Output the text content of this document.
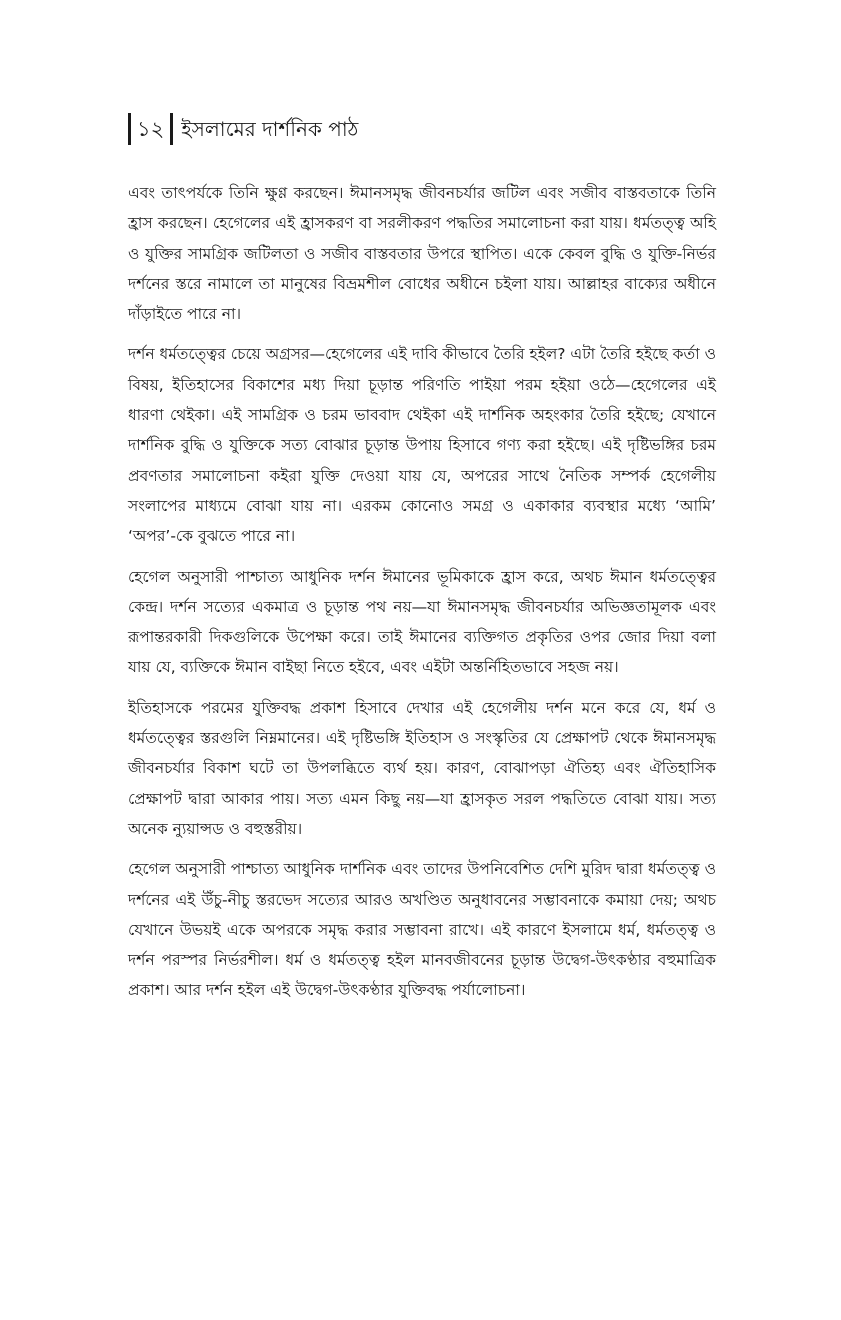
১২ ইসলামের দার্শনিক পাঠ

এবং তাৎপর্যকে তিনি ক্ষুণ্ণ করছেন। ঈমানসমৃদ্ধ জীবনচর্যার জটিল এবং সজীব বাস্তবতাকে তিনি হ্রাস করছেন। হেগেলের এই হ্রাসকরণ বা সরলীকরণ পদ্ধতির সমালোচনা করা যায়। ধর্মতত্ত্ব অহি ও যুক্তির সামগ্রিক জটিলতা ও সজীব বাস্তবতার উপরে স্থাপিত। একে কেবল বুদ্ধি ও যুক্তি-নির্ভর দর্শনের স্তরে নামালে তা মানুষের বিভ্রমশীল বোধের অধীনে চইলা যায়। আল্লাহর বাক্যের অধীনে দাঁড়াইতে পারে না।

দর্শন ধর্মতত্ত্বের চেয়ে অগ্রসর—হেগেলের এই দাবি কীভাবে তৈরি হইল? এটা তৈরি হইছে কর্তা ও বিষয়, ইতিহাসের বিকাশের মধ্য দিয়া চূড়ান্ত পরিণতি পাইয়া পরম হইয়া ওঠে—হেগেলের এই ধারণা থেইকা। এই সামগ্রিক ও চরম ভাববাদ থেইকা এই দার্শনিক অহংকার তৈরি হইছে; যেখানে দার্শনিক বুদ্ধি ও যুক্তিকে সত্য বোঝার চূড়ান্ত উপায় হিসাবে গণ্য করা হইছে। এই দৃষ্টিভঙ্গির চরম প্রবণতার সমালোচনা কইরা যুক্তি দেওয়া যায় যে, অপরের সাথে নৈতিক সম্পর্ক হেগেলীয় সংলাপের মাধ্যমে বোঝা যায় না। এরকম কোনোও সমগ্র ও একাকার ব্যবস্থার মধ্যে ‘আমি’ ‘অপর’-কে বুঝতে পারে না।

হেগেল অনুসারী পাশ্চাত্য আধুনিক দর্শন ঈমানের ভূমিকাকে হ্রাস করে, অথচ ঈমান ধর্মতত্ত্বের কেন্দ্র। দর্শন সত্যের একমাত্র ও চূড়ান্ত পথ নয়—যা ঈমানসমৃদ্ধ জীবনচর্যার অভিজ্ঞতামূলক এবং রূপান্তরকারী দিকগুলিকে উপেক্ষা করে। তাই ঈমানের ব্যক্তিগত প্রকৃতির ওপর জোর দিয়া বলা যায় যে, ব্যক্তিকে ঈমান বাইছা নিতে হইবে, এবং এইটা অন্তর্নিহিতভাবে সহজ নয়।

ইতিহাসকে পরমের যুক্তিবদ্ধ প্রকাশ হিসাবে দেখার এই হেগেলীয় দর্শন মনে করে যে, ধর্ম ও ধর্মতত্ত্বের স্তরগুলি নিম্নমানের। এই দৃষ্টিভঙ্গি ইতিহাস ও সংস্কৃতির যে প্রেক্ষাপট থেকে ঈমানসমৃদ্ধ জীবনচর্যার বিকাশ ঘটে তা উপলব্ধিতে ব্যর্থ হয়। কারণ, বোঝাপড়া ঐতিহ্য এবং ঐতিহাসিক প্রেক্ষাপট দ্বারা আকার পায়। সত্য এমন কিছু নয়—যা হ্রাসকৃত সরল পদ্ধতিতে বোঝা যায়। সত্য অনেক ন্যুয়ান্সড ও বহুস্তরীয়।

হেগেল অনুসারী পাশ্চাত্য আধুনিক দার্শনিক এবং তাদের উপনিবেশিত দেশি মুরিদ দ্বারা ধর্মতত্ত্ব ও দর্শনের এই উঁচু-নীচু স্তরভেদ সত্যের আরও অখণ্ডিত অনুধাবনের সম্ভাবনাকে কমায়া দেয়; অথচ যেখানে উভয়ই একে অপরকে সমৃদ্ধ করার সম্ভাবনা রাখে। এই কারণে ইসলামে ধর্ম, ধর্মতত্ত্ব ও দর্শন পরস্পর নির্ভরশীল। ধর্ম ও ধর্মতত্ত্ব হইল মানবজীবনের চূড়ান্ত উদ্বেগ-উৎকণ্ঠার বহুমাত্রিক প্রকাশ। আর দর্শন হইল এই উদ্বেগ-উৎকণ্ঠার যুক্তিবদ্ধ পর্যালোচনা।
